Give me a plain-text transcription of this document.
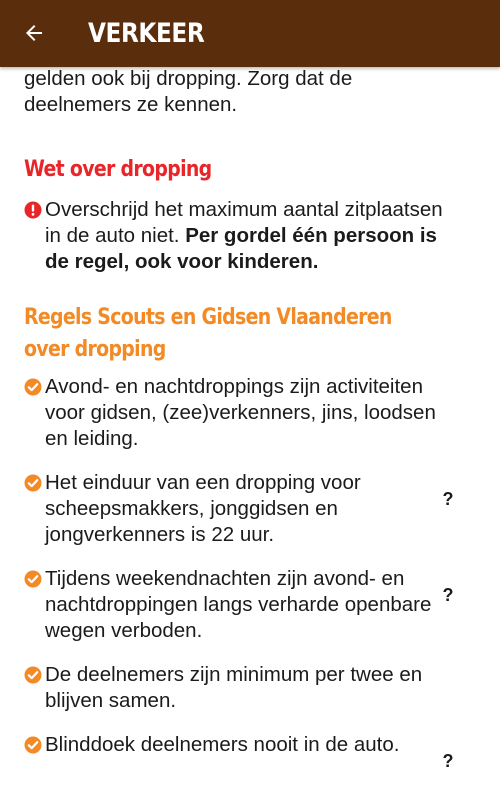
gelden ook bij dropping. Zorg dat de

deelnemers ze kennen.

Wet over dropping
Overschrijd het maximum aantal zitplaatsen in de auto niet. Per gordel één persoon is de regel, ook voor kinderen.
Regels Scouts en Gidsen Vlaanderen over dropping
Avond- en nachtdroppings zijn activiteiten voor gidsen, (zee)verkenners, jins, loodsen en leiding.
Het einduur van een dropping voor scheepsmakkers, jonggidsen en jongverkenners is 22 uur.
?
Tijdens weekendnachten zijn avond- en nachtdroppingen langs verharde openbare wegen verboden.
?
De deelnemers zijn minimum per twee en blijven samen.
Blinddoek deelnemers nooit in de auto.
?
VERKEER
